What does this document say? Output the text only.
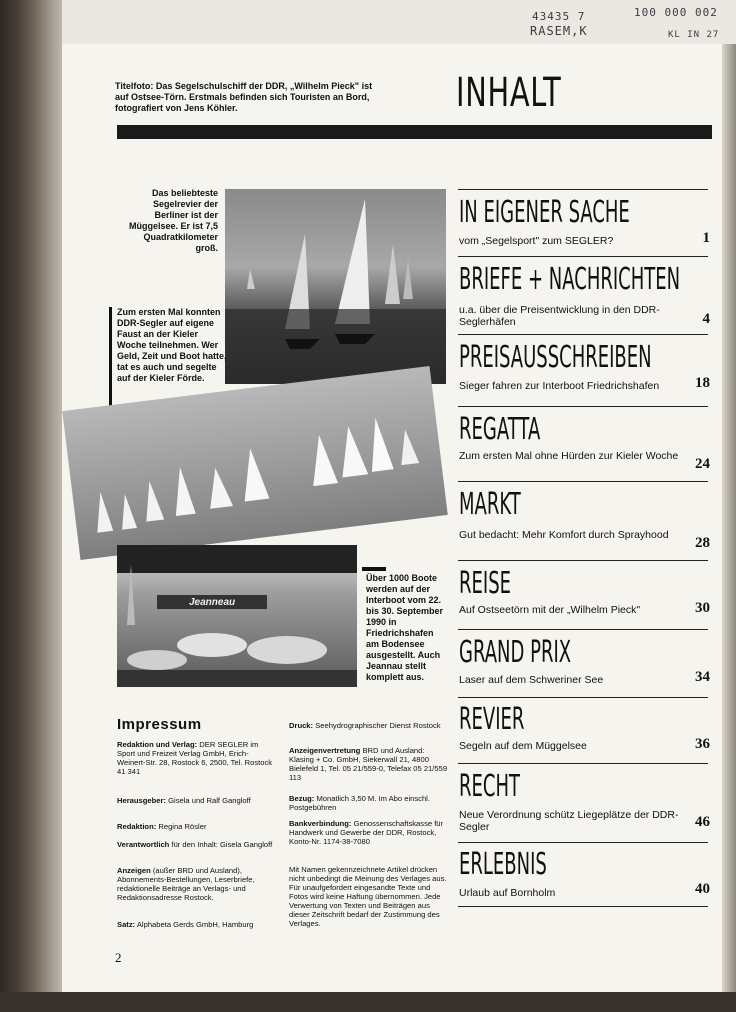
43435 7
RASEM,K
100 000 002
KL IN 27
Titelfoto: Das Segelschulschiff der DDR, „Wilhelm Pieck" ist auf Ostsee-Törn. Erstmals befinden sich Touristen an Bord, fotografiert von Jens Köhler.	INHALT
Das beliebteste Segelrevier der Berliner ist der Müggelsee. Er ist 7,5 Quadratkilometer groß.
Zum ersten Mal konnten DDR-Segler auf eigene Faust an der Kieler Woche teilnehmen. Wer Geld, Zeit und Boot hatte, tat es auch und segelte auf der Kieler Förde.
Jeanneau
Über 1000 Boote werden auf der Interboot vom 22. bis 30. September 1990 in Friedrichshafen am Bodensee ausgestellt. Auch Jeannau stellt komplett aus.
IN EIGENER SACHE
vom „Segelsport" zum SEGLER?	1
BRIEFE + NACHRICHTEN
u.a. über die Preisentwicklung in den DDR-Seglerhäfen	4
PREISAUSSCHREIBEN
Sieger fahren zur Interboot Friedrichshafen	18
REGATTA
Zum ersten Mal ohne Hürden zur Kieler Woche	24
MARKT
Gut bedacht: Mehr Komfort durch Sprayhood	28
REISE
Auf Ostseetörn mit der „Wilhelm Pieck"	30
GRAND PRIX
Laser auf dem Schweriner See	34
REVIER
Segeln auf dem Müggelsee	36
RECHT
Neue Verordnung schütz Liegeplätze der DDR-Segler	46
ERLEBNIS
Urlaub auf Bornholm	40
Impressum
Redaktion und Verlag: DER SEGLER im Sport und Freizeit Verlag GmbH, Erich-Weinert-Str. 28, Rostock 6, 2500, Tel. Rostock 41 341
Herausgeber: Gisela und Ralf Gangloff
Redaktion: Regina Rösler
Verantwortlich für den Inhalt: Gisela Gangloff
Anzeigen (außer BRD und Ausland), Abonnements-Bestellungen, Leserbriefe, redaktionelle Beiträge an Verlags- und Redaktionsadresse Rostock.
Satz: Alphabeta Gerds GmbH, Hamburg
Druck: Seehydrographischer Dienst Rostock
Anzeigenvertretung BRD und Ausland: Klasing + Co. GmbH, Siekerwall 21, 4800 Bielefeld 1, Tel. 05 21/559-0, Telefax 05 21/559 113
Bezug: Monatlich 3,50 M. Im Abo einschl. Postgebühren
Bankverbindung: Genossenschaftskasse für Handwerk und Gewerbe der DDR, Rostock, Konto-Nr. 1174-38-7080
Mit Namen gekennzeichnete Artikel drücken nicht unbedingt die Meinung des Verlages aus. Für unaufgefordert eingesandte Texte und Fotos wird keine Haftung übernommen. Jede Verwertung von Texten und Beiträgen aus dieser Zeitschrift bedarf der Zustimmung des Verlages.
2
